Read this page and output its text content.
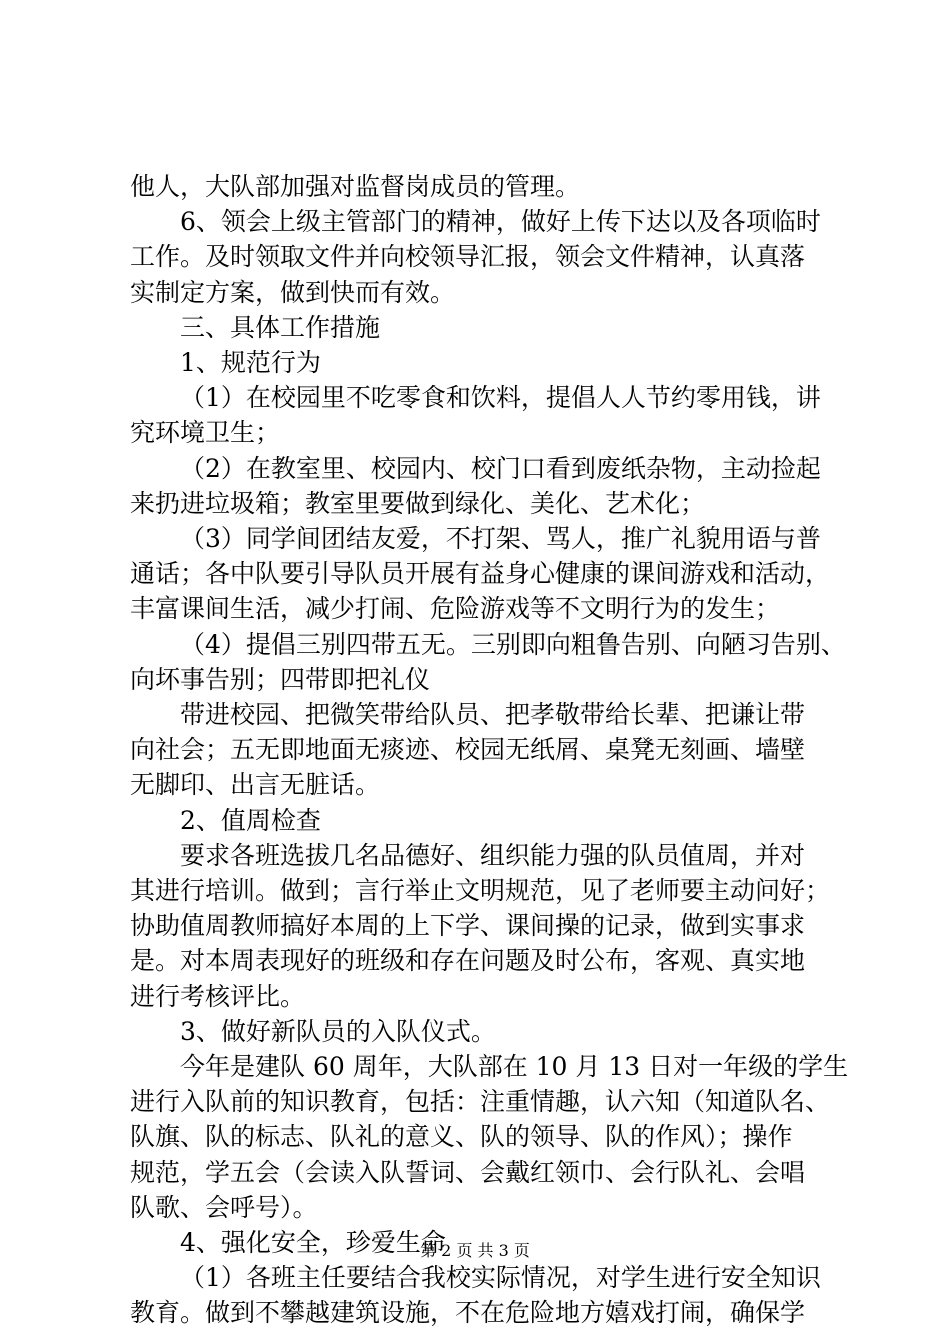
他人，大队部加强对监督岗成员的管理。
6、领会上级主管部门的精神，做好上传下达以及各项临时
工作。及时领取文件并向校领导汇报，领会文件精神，认真落
实制定方案，做到快而有效。
三、具体工作措施
1、规范行为
（1）在校园里不吃零食和饮料，提倡人人节约零用钱，讲
究环境卫生；
（2）在教室里、校园内、校门口看到废纸杂物，主动捡起
来扔进垃圾箱；教室里要做到绿化、美化、艺术化；
（3）同学间团结友爱，不打架、骂人，推广礼貌用语与普
通话；各中队要引导队员开展有益身心健康的课间游戏和活动，
丰富课间生活，减少打闹、危险游戏等不文明行为的发生；
（4）提倡三别四带五无。三别即向粗鲁告别、向陋习告别、
向坏事告别；四带即把礼仪
带进校园、把微笑带给队员、把孝敬带给长辈、把谦让带
向社会；五无即地面无痰迹、校园无纸屑、桌凳无刻画、墙壁
无脚印、出言无脏话。
2、值周检查
要求各班选拔几名品德好、组织能力强的队员值周，并对
其进行培训。做到；言行举止文明规范，见了老师要主动问好；
协助值周教师搞好本周的上下学、课间操的记录，做到实事求
是。对本周表现好的班级和存在问题及时公布，客观、真实地
进行考核评比。
3、做好新队员的入队仪式。
今年是建队 60 周年，大队部在 10 月 13 日对一年级的学生
进行入队前的知识教育，包括：注重情趣，认六知（知道队名、
队旗、队的标志、队礼的意义、队的领导、队的作风）；操作
规范，学五会（会读入队誓词、会戴红领巾、会行队礼、会唱
队歌、会呼号）。
4、强化安全，珍爱生命
（1）各班主任要结合我校实际情况，对学生进行安全知识
教育。做到不攀越建筑设施，不在危险地方嬉戏打闹，确保学
第 2 页 共 3 页
